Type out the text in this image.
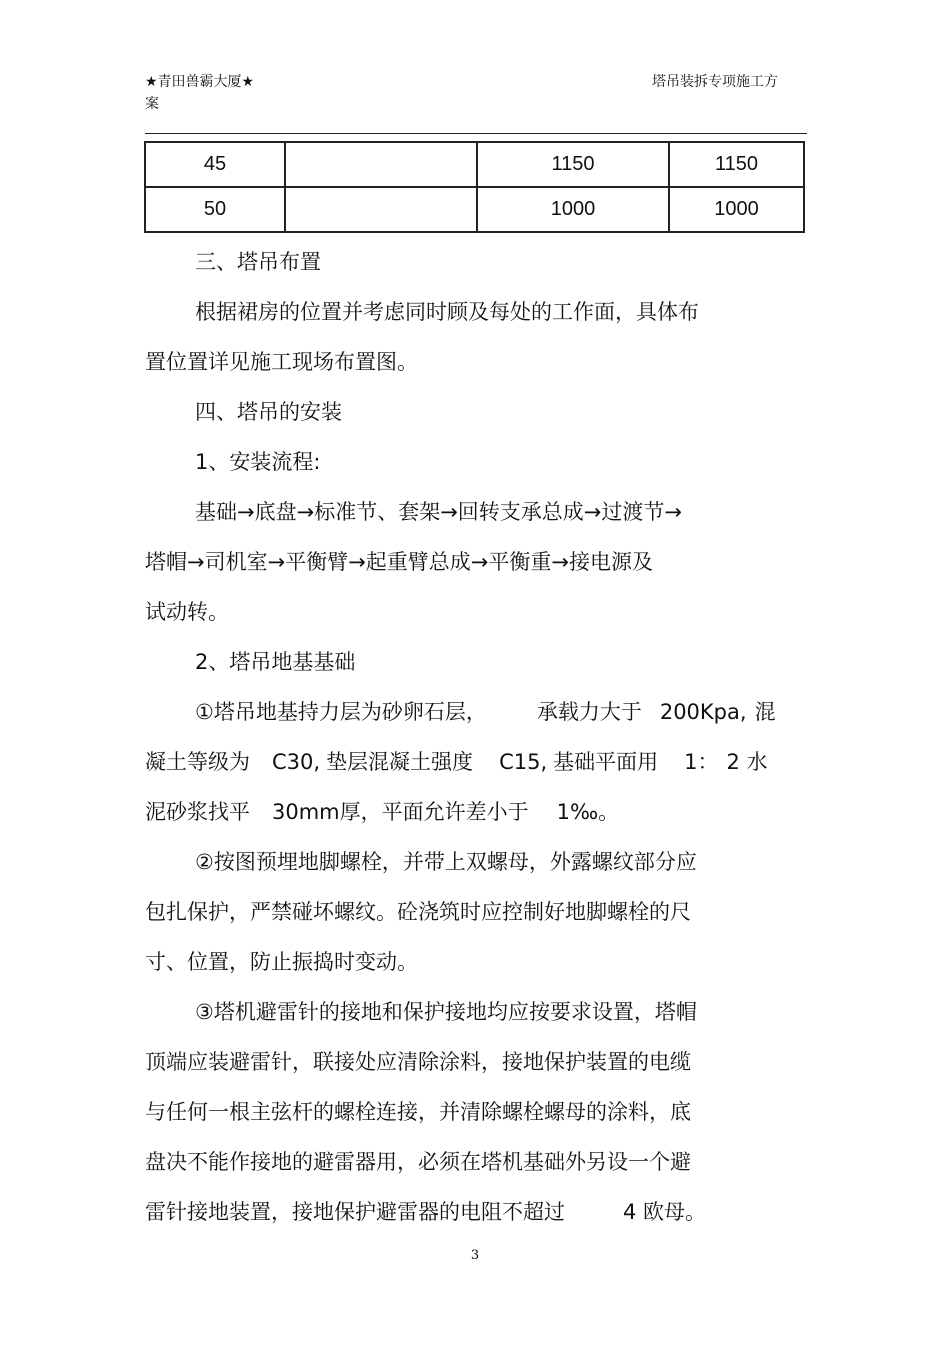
★青田兽霸大厦★
案
塔吊装拆专项施工方
45		1150	1150
50		1000	1000

三、塔吊布置

根据裙房的位置并考虑同时顾及每处的工作面，具体布

置位置详见施工现场布置图。

四、塔吊的安装

1、安装流程:

基础→底盘→标准节、套架→回转支承总成→过渡节→

塔帽→司机室→平衡臂→起重臂总成→平衡重→接电源及

试动转。

2、塔吊地基基础

①塔吊地基持力层为砂卵石层， 承载力大于 200Kpa, 混

凝土等级为 C30, 垫层混凝土强度 C15, 基础平面用 1： 2 水

泥砂浆找平 30mm厚，平面允许差小于 1‰。

②按图预埋地脚螺栓，并带上双螺母，外露螺纹部分应

包扎保护，严禁碰坏螺纹。砼浇筑时应控制好地脚螺栓的尺

寸、位置，防止振捣时变动。

③塔机避雷针的接地和保护接地均应按要求设置，塔帽

顶端应装避雷针，联接处应清除涂料，接地保护装置的电缆

与任何一根主弦杆的螺栓连接，并清除螺栓螺母的涂料，底

盘决不能作接地的避雷器用，必须在塔机基础外另设一个避

雷针接地装置，接地保护避雷器的电阻不超过	4 欧母。

3
